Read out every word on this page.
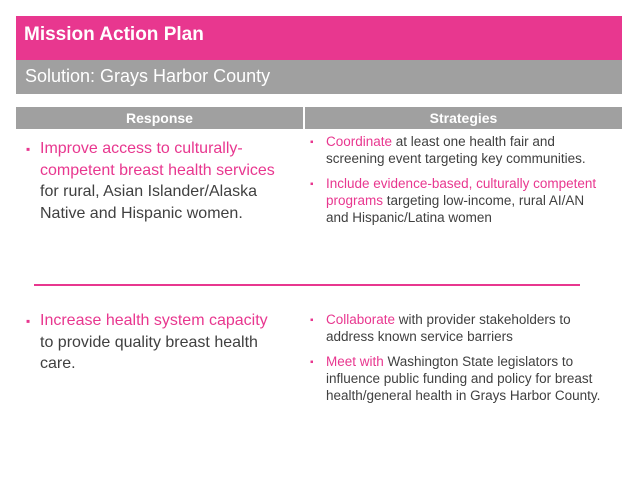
Mission Action Plan
Solution: Grays Harbor County
Response	Strategies
▪ Improve access to culturally-competent breast health services for rural, Asian Islander/Alaska Native and Hispanic women.
▪ Coordinate at least one health fair and screening event targeting key communities.
▪ Include evidence-based, culturally competent programs targeting low-income, rural AI/AN and Hispanic/Latina women
▪ Increase health system capacity to provide quality breast health care.
▪ Collaborate with provider stakeholders to address known service barriers
▪ Meet with Washington State legislators to influence public funding and policy for breast health/general health in Grays Harbor County.
